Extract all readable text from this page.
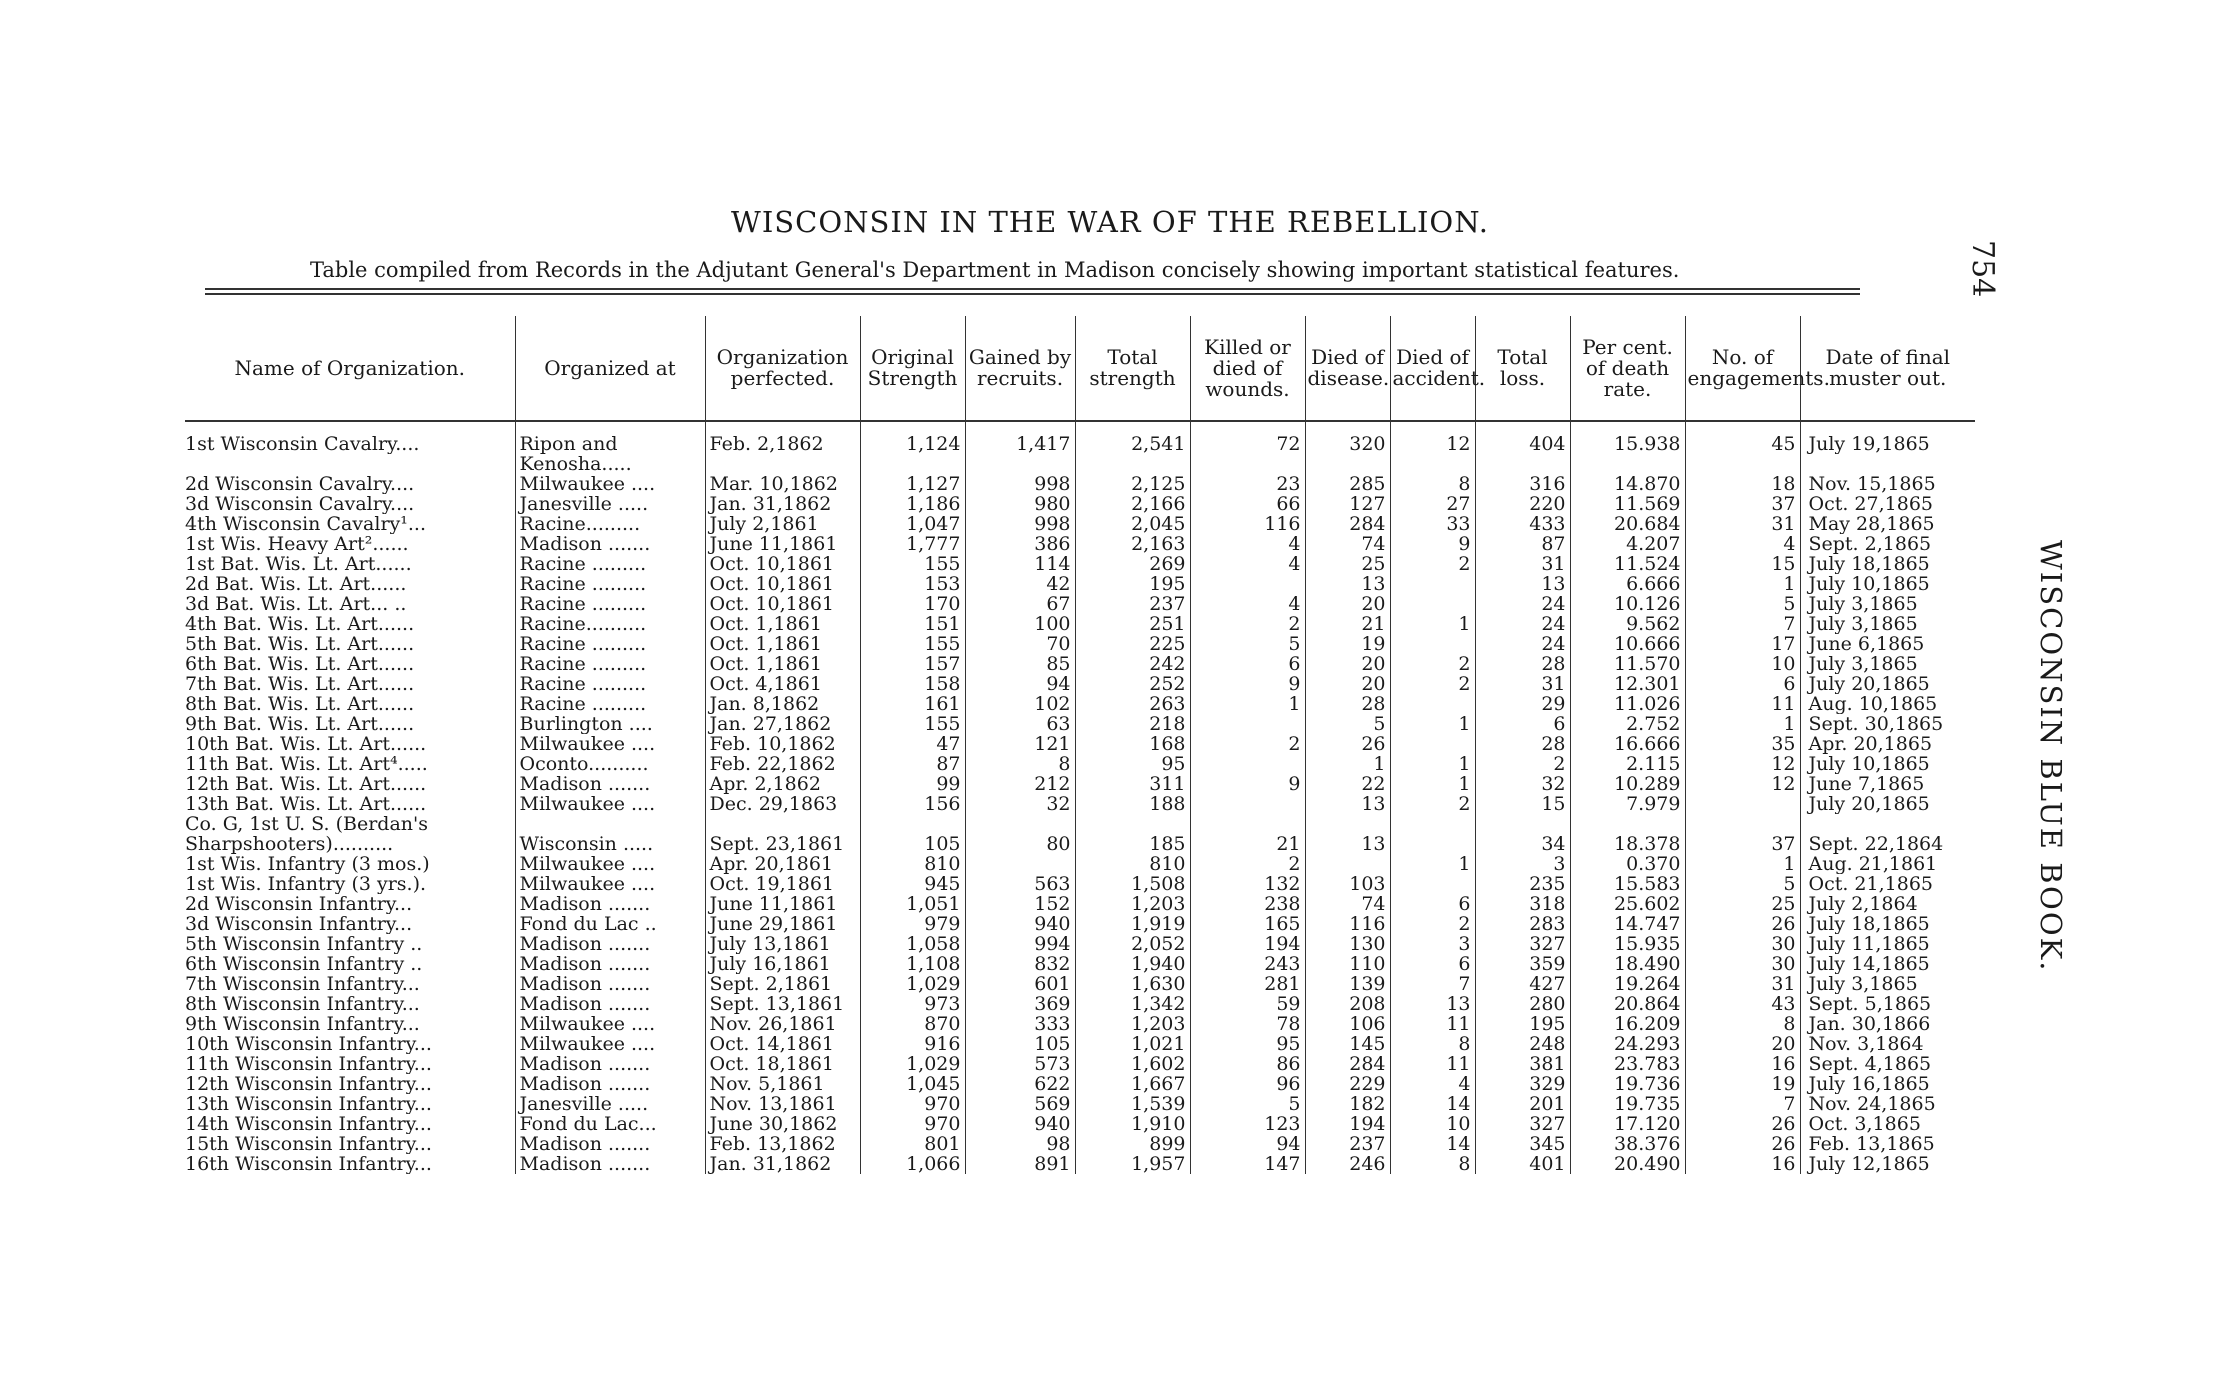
754
WISCONSIN IN THE WAR OF THE REBELLION.
Table compiled from Records in the Adjutant General's Department in Madison concisely showing important statistical features.
WISCONSIN BLUE BOOK.
Name of Organization.	Organized at	Organization perfected.	Original Strength	Gained by recruits.	Total strength	Killed or died of wounds.	Died of disease.	Died of accident.	Total loss.	Per cent. of death rate.	No. of engagements.	Date of final muster out.

1st Wisconsin Cavalry....	Ripon and	Feb. 2,1862	1,124	1,417	2,541	72	320	12	404	15.938	45	July 19,1865
	Kenosha.....											
2d Wisconsin Cavalry....	Milwaukee ....	Mar. 10,1862	1,127	998	2,125	23	285	8	316	14.870	18	Nov. 15,1865
3d Wisconsin Cavalry....	Janesville .....	Jan. 31,1862	1,186	980	2,166	66	127	27	220	11.569	37	Oct. 27,1865
4th Wisconsin Cavalry¹...	Racine.........	July 2,1861	1,047	998	2,045	116	284	33	433	20.684	31	May 28,1865
1st Wis. Heavy Art²......	Madison .......	June 11,1861	1,777	386	2,163	4	74	9	87	4.207	4	Sept. 2,1865
1st Bat. Wis. Lt. Art......	Racine .........	Oct. 10,1861	155	114	269	4	25	2	31	11.524	15	July 18,1865
2d Bat. Wis. Lt. Art......	Racine .........	Oct. 10,1861	153	42	195		13		13	6.666	1	July 10,1865
3d Bat. Wis. Lt. Art... ..	Racine .........	Oct. 10,1861	170	67	237	4	20		24	10.126	5	July 3,1865
4th Bat. Wis. Lt. Art......	Racine..........	Oct. 1,1861	151	100	251	2	21	1	24	9.562	7	July 3,1865
5th Bat. Wis. Lt. Art......	Racine .........	Oct. 1,1861	155	70	225	5	19		24	10.666	17	June 6,1865
6th Bat. Wis. Lt. Art......	Racine .........	Oct. 1,1861	157	85	242	6	20	2	28	11.570	10	July 3,1865
7th Bat. Wis. Lt. Art......	Racine .........	Oct. 4,1861	158	94	252	9	20	2	31	12.301	6	July 20,1865
8th Bat. Wis. Lt. Art......	Racine .........	Jan. 8,1862	161	102	263	1	28		29	11.026	11	Aug. 10,1865
9th Bat. Wis. Lt. Art......	Burlington ....	Jan. 27,1862	155	63	218		5	1	6	2.752	1	Sept. 30,1865
10th Bat. Wis. Lt. Art......	Milwaukee ....	Feb. 10,1862	47	121	168	2	26		28	16.666	35	Apr. 20,1865
11th Bat. Wis. Lt. Art⁴.....	Oconto..........	Feb. 22,1862	87	8	95		1	1	2	2.115	12	July 10,1865
12th Bat. Wis. Lt. Art......	Madison .......	Apr. 2,1862	99	212	311	9	22	1	32	10.289	12	June 7,1865
13th Bat. Wis. Lt. Art......	Milwaukee ....	Dec. 29,1863	156	32	188		13	2	15	7.979		July 20,1865
Co. G, 1st U. S. (Berdan's												
Sharpshooters)..........	Wisconsin .....	Sept. 23,1861	105	80	185	21	13		34	18.378	37	Sept. 22,1864
1st Wis. Infantry (3 mos.)	Milwaukee ....	Apr. 20,1861	810		810	2		1	3	0.370	1	Aug. 21,1861
1st Wis. Infantry (3 yrs.).	Milwaukee ....	Oct. 19,1861	945	563	1,508	132	103		235	15.583	5	Oct. 21,1865
2d Wisconsin Infantry...	Madison .......	June 11,1861	1,051	152	1,203	238	74	6	318	25.602	25	July 2,1864
3d Wisconsin Infantry...	Fond du Lac ..	June 29,1861	979	940	1,919	165	116	2	283	14.747	26	July 18,1865
5th Wisconsin Infantry ..	Madison .......	July 13,1861	1,058	994	2,052	194	130	3	327	15.935	30	July 11,1865
6th Wisconsin Infantry ..	Madison .......	July 16,1861	1,108	832	1,940	243	110	6	359	18.490	30	July 14,1865
7th Wisconsin Infantry...	Madison .......	Sept. 2,1861	1,029	601	1,630	281	139	7	427	19.264	31	July 3,1865
8th Wisconsin Infantry...	Madison .......	Sept. 13,1861	973	369	1,342	59	208	13	280	20.864	43	Sept. 5,1865
9th Wisconsin Infantry...	Milwaukee ....	Nov. 26,1861	870	333	1,203	78	106	11	195	16.209	8	Jan. 30,1866
10th Wisconsin Infantry...	Milwaukee ....	Oct. 14,1861	916	105	1,021	95	145	8	248	24.293	20	Nov. 3,1864
11th Wisconsin Infantry...	Madison .......	Oct. 18,1861	1,029	573	1,602	86	284	11	381	23.783	16	Sept. 4,1865
12th Wisconsin Infantry...	Madison .......	Nov. 5,1861	1,045	622	1,667	96	229	4	329	19.736	19	July 16,1865
13th Wisconsin Infantry...	Janesville .....	Nov. 13,1861	970	569	1,539	5	182	14	201	19.735	7	Nov. 24,1865
14th Wisconsin Infantry...	Fond du Lac...	June 30,1862	970	940	1,910	123	194	10	327	17.120	26	Oct. 3,1865
15th Wisconsin Infantry...	Madison .......	Feb. 13,1862	801	98	899	94	237	14	345	38.376	26	Feb. 13,1865
16th Wisconsin Infantry...	Madison .......	Jan. 31,1862	1,066	891	1,957	147	246	8	401	20.490	16	July 12,1865
